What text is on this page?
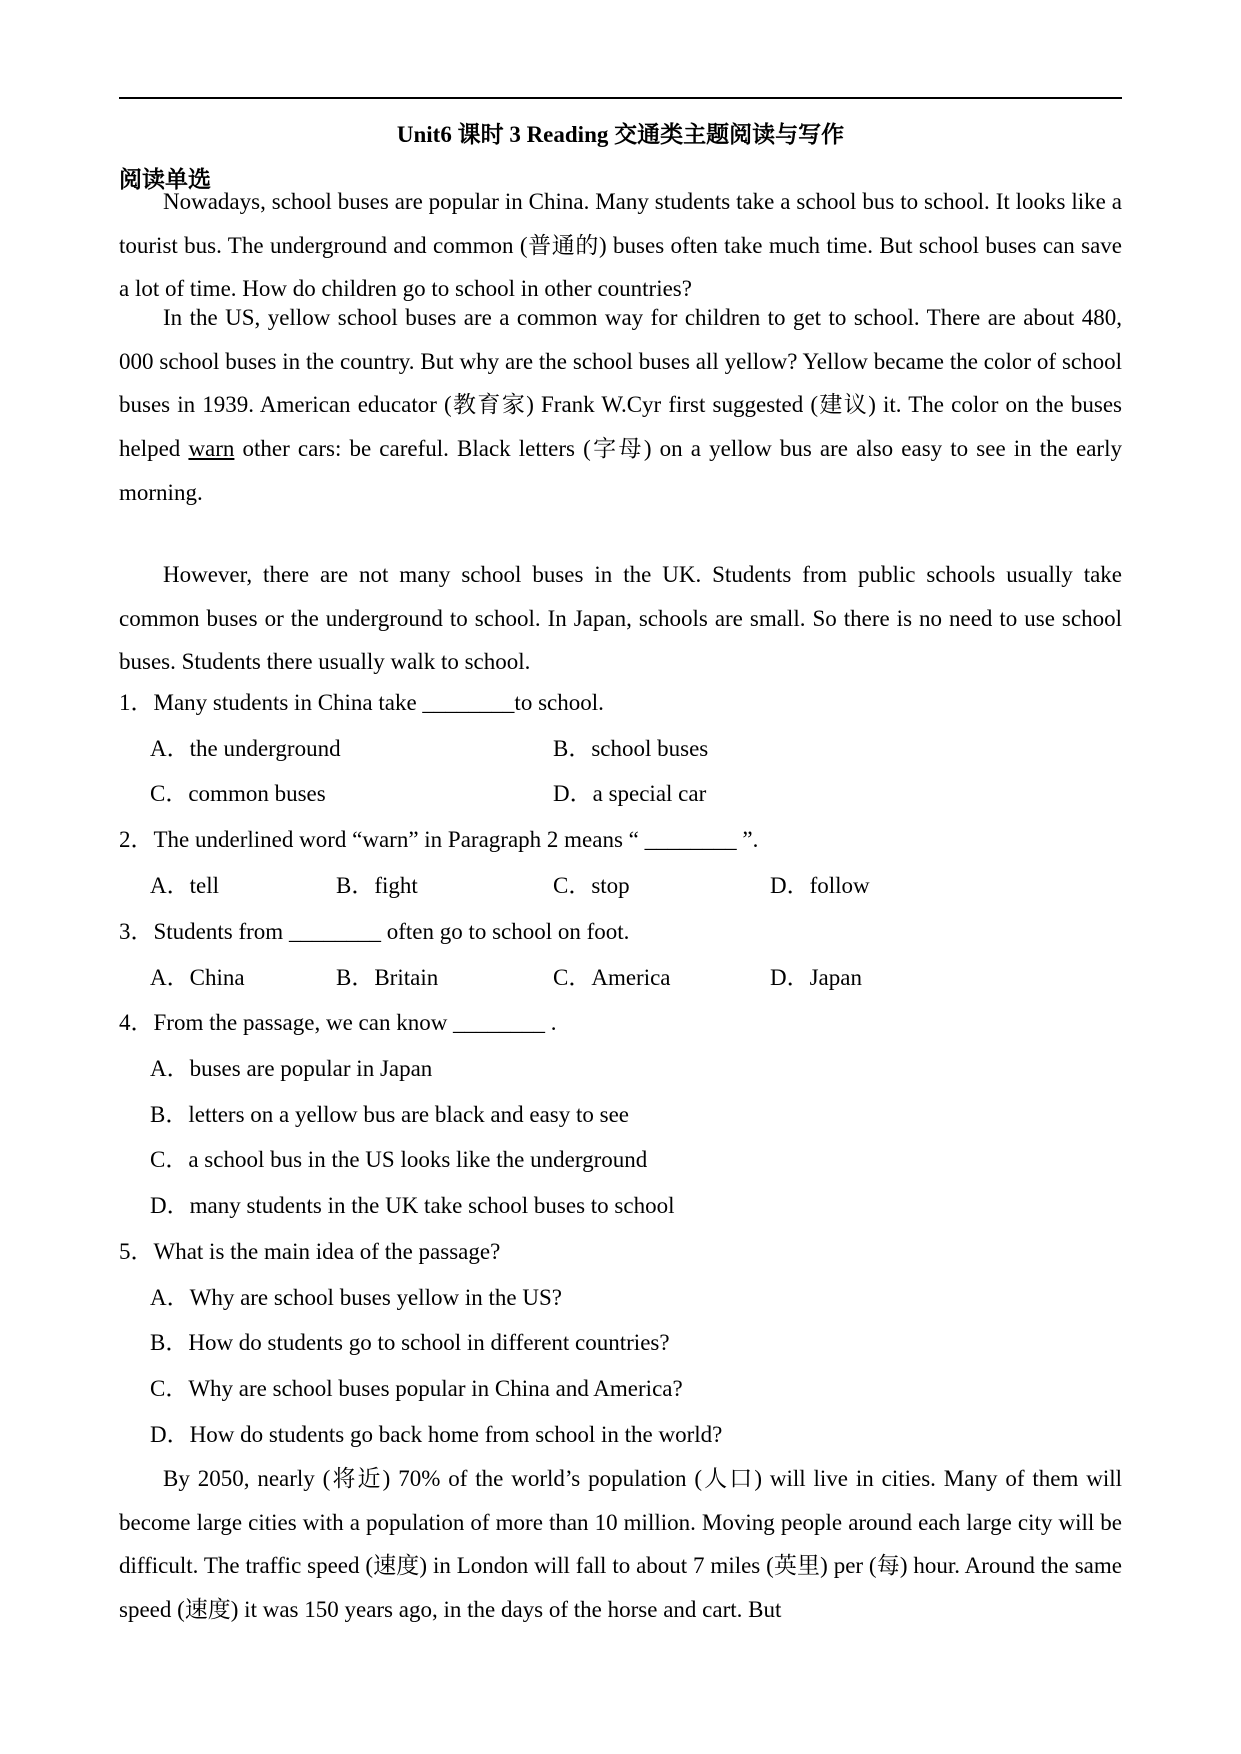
Unit6 课时 3 Reading 交通类主题阅读与写作
阅读单选
Nowadays, school buses are popular in China. Many students take a school bus to school. It looks like a tourist bus. The underground and common (普通的) buses often take much time. But school buses can save a lot of time. How do children go to school in other countries?
In the US, yellow school buses are a common way for children to get to school. There are about 480, 000 school buses in the country. But why are the school buses all yellow? Yellow became the color of school buses in 1939. American educator (教育家) Frank W.Cyr first suggested (建议) it. The color on the buses helped warn other cars: be careful. Black letters (字母) on a yellow bus are also easy to see in the early morning.
However, there are not many school buses in the UK. Students from public schools usually take common buses or the underground to school. In Japan, schools are small. So there is no need to use school buses. Students there usually walk to school.
1．Many students in China take ________to school.
A．the underground	B．school buses
C．common buses	D．a special car
2．The underlined word “warn” in Paragraph 2 means “ ________ ”.
A．tell	B．fight	C．stop	D．follow
3．Students from ________ often go to school on foot.
A．China	B．Britain	C．America	D．Japan
4．From the passage, we can know ________ .
A．buses are popular in Japan
B．letters on a yellow bus are black and easy to see
C．a school bus in the US looks like the underground
D．many students in the UK take school buses to school
5．What is the main idea of the passage?
A．Why are school buses yellow in the US?
B．How do students go to school in different countries?
C．Why are school buses popular in China and America?
D．How do students go back home from school in the world?
By 2050, nearly (将近) 70% of the world’s population (人口) will live in cities. Many of them will become large cities with a population of more than 10 million. Moving people around each large city will be difficult. The traffic speed (速度) in London will fall to about 7 miles (英里) per (每) hour. Around the same speed (速度) it was 150 years ago, in the days of the horse and cart. But
